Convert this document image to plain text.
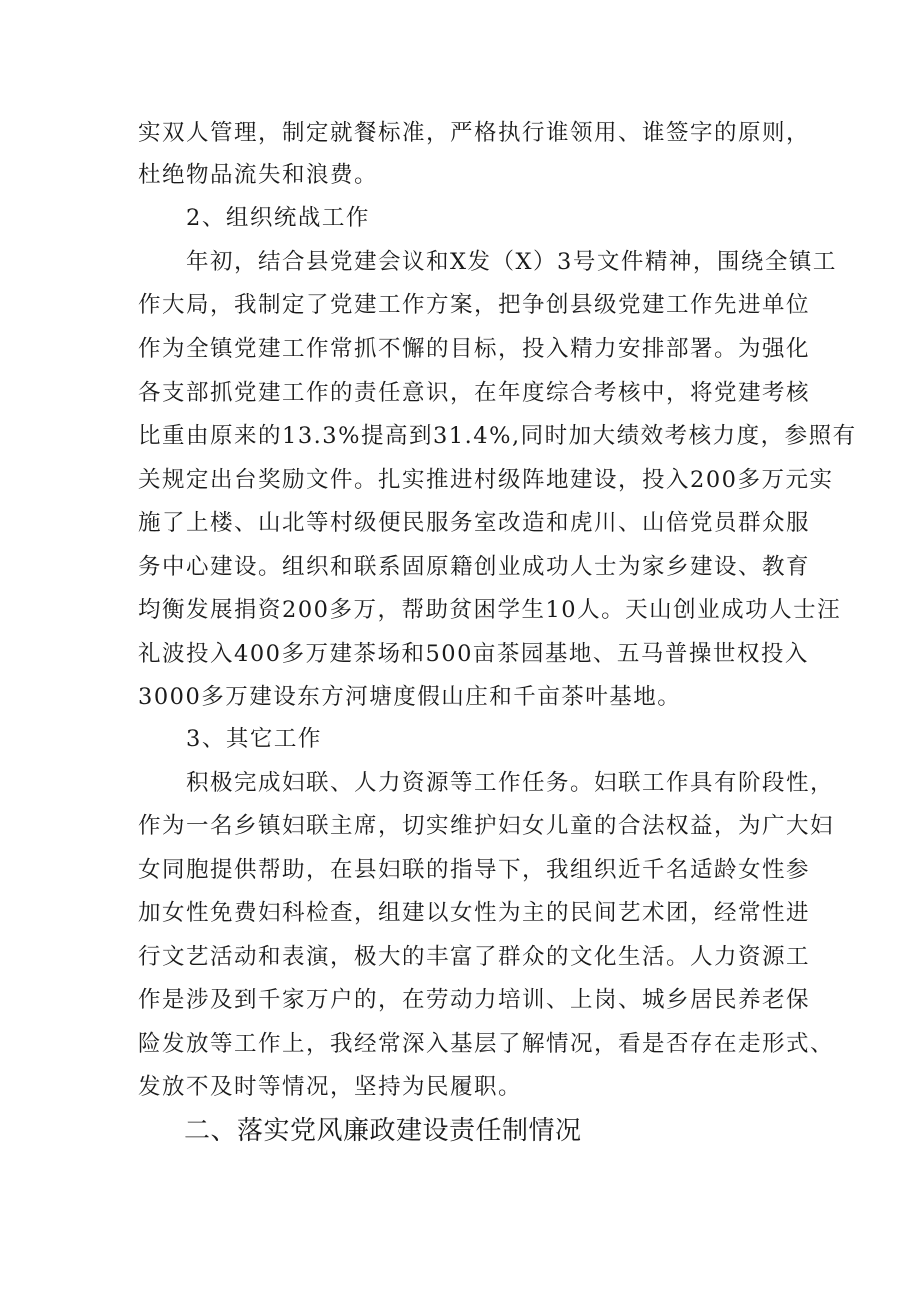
实双人管理，制定就餐标准，严格执行谁领用、谁签字的原则，
杜绝物品流失和浪费。
2、组织统战工作
年初，结合县党建会议和X发（X）3号文件精神，围绕全镇工
作大局，我制定了党建工作方案，把争创县级党建工作先进单位
作为全镇党建工作常抓不懈的目标，投入精力安排部署。为强化
各支部抓党建工作的责任意识，在年度综合考核中，将党建考核
比重由原来的13.3%提高到31.4%,同时加大绩效考核力度，参照有
关规定出台奖励文件。扎实推进村级阵地建设，投入200多万元实
施了上楼、山北等村级便民服务室改造和虎川、山倍党员群众服
务中心建设。组织和联系固原籍创业成功人士为家乡建设、教育
均衡发展捐资200多万，帮助贫困学生10人。天山创业成功人士汪
礼波投入400多万建茶场和500亩茶园基地、五马普操世权投入
3000多万建设东方河塘度假山庄和千亩茶叶基地。
3、其它工作
积极完成妇联、人力资源等工作任务。妇联工作具有阶段性，
作为一名乡镇妇联主席，切实维护妇女儿童的合法权益，为广大妇
女同胞提供帮助，在县妇联的指导下，我组织近千名适龄女性参
加女性免费妇科检查，组建以女性为主的民间艺术团，经常性进
行文艺活动和表演，极大的丰富了群众的文化生活。人力资源工
作是涉及到千家万户的，在劳动力培训、上岗、城乡居民养老保
险发放等工作上，我经常深入基层了解情况，看是否存在走形式、
发放不及时等情况，坚持为民履职。
二、落实党风廉政建设责任制情况
